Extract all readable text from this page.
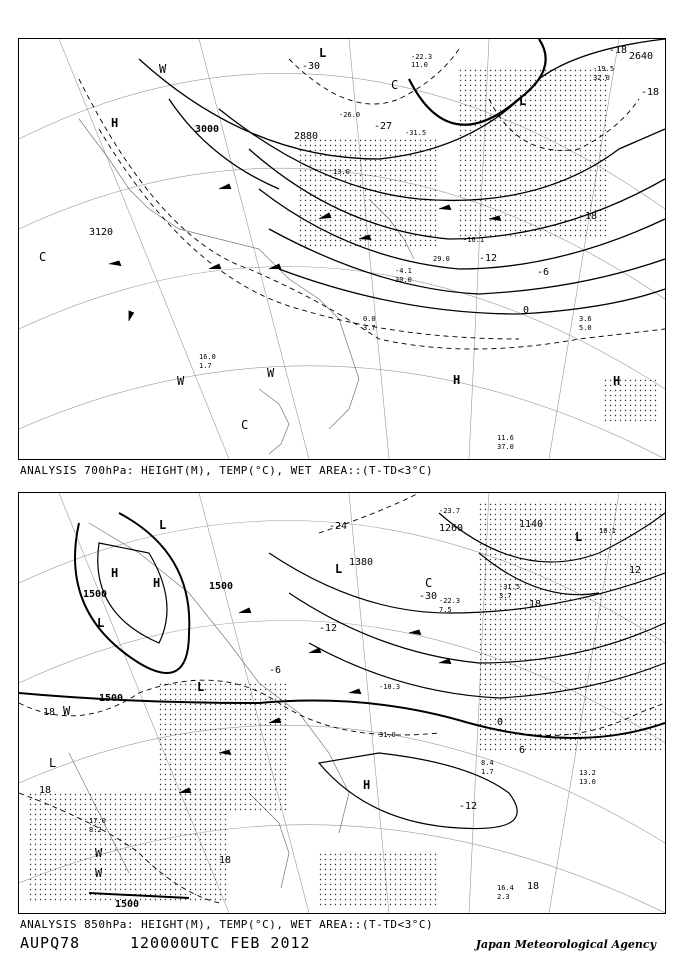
3000
3120
2640
2880
-30
-27
-18
-12
-6
0
-18
-18
H
L
H	H
L
C
C
W
W
W
C
-22.3
11.0
-26.0
-31.5
13.0
29.0
-16.1
-4.1
30.0
0.0
3.7
11.6
37.0
3.6
5.0
-19.5
32.0
16.0
1.7
ANALYSIS 700hPa: HEIGHT(M), TEMP(°C), WET AREA::(T-TD<3°C)
1500
1500
1500
1380
1260	1140
1500
-24
-30
-18
-12
-6
0
6
12
18
18
18
18
-12
H
H
L
L
L
L
L
H
C
W
W
W
L
-23.7
10.1
-31.5
3.7
-22.3
7.5
-10.3
31.0
13.2
13.0
8.4
1.7
16.4
2.3
17.0
8.2
ANALYSIS 850hPa: HEIGHT(M), TEMP(°C), WET AREA::(T-TD<3°C)
AUPQ78	120000UTC FEB 2012	Japan Meteorological Agency
